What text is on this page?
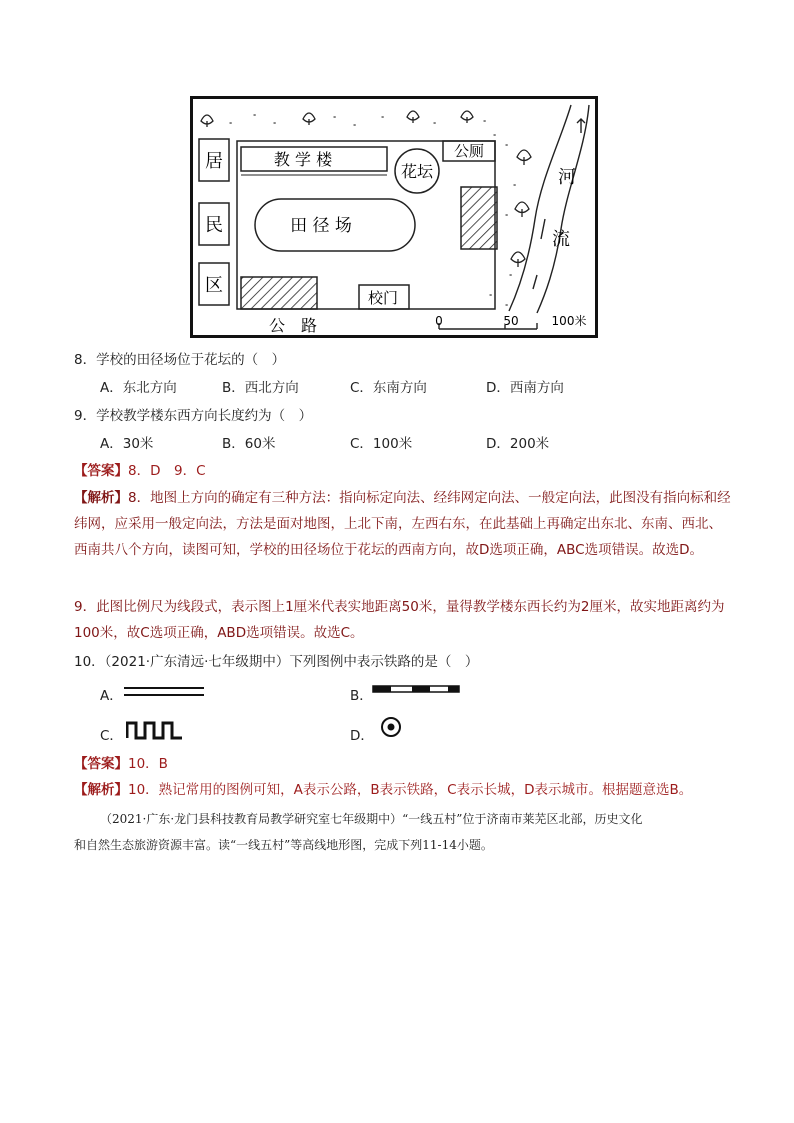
居
民
区
ᐤ
ᐤ
ᐤ
ᐤ
ᐤ
ᐤ
ᐤ	ᐤ
ᐤ
ᐤ
ᐤ
ᐤ
ᐤ
ᐤ
ᐤ
教 学 楼
花坛
公厕
田 径 场
校门
公　路	0	50	100米
河
流
8．学校的田径场位于花坛的（　）
A．东北方向	B．西北方向	C．东南方向	D．西南方向
9．学校教学楼东西方向长度约为（　）
A．30米	B．60米	C．100米	D．200米
【答案】8．D　9．C
【解析】8．地图上方向的确定有三种方法：指向标定向法、经纬网定向法、一般定向法，此图没有指向标和经纬网，应采用一般定向法，方法是面对地图，上北下南，左西右东，在此基础上再确定出东北、东南、西北、西南共八个方向，读图可知，学校的田径场位于花坛的西南方向，故D选项正确，ABC选项错误。故选D。
9．此图比例尺为线段式，表示图上1厘米代表实地距离50米，量得教学楼东西长约为2厘米，故实地距离约为100米，故C选项正确，ABD选项错误。故选C。
10．（2021·广东清远·七年级期中）下列图例中表示铁路的是（　）
A．	B．
C．	D．
【答案】10．B
【解析】10．熟记常用的图例可知，A表示公路，B表示铁路，C表示长城，D表示城市。根据题意选B。
（2021·广东·龙门县科技教育局教学研究室七年级期中）“一线五村”位于济南市莱芜区北部，历史文化
和自然生态旅游资源丰富。读“一线五村”等高线地形图，完成下列11-14小题。
